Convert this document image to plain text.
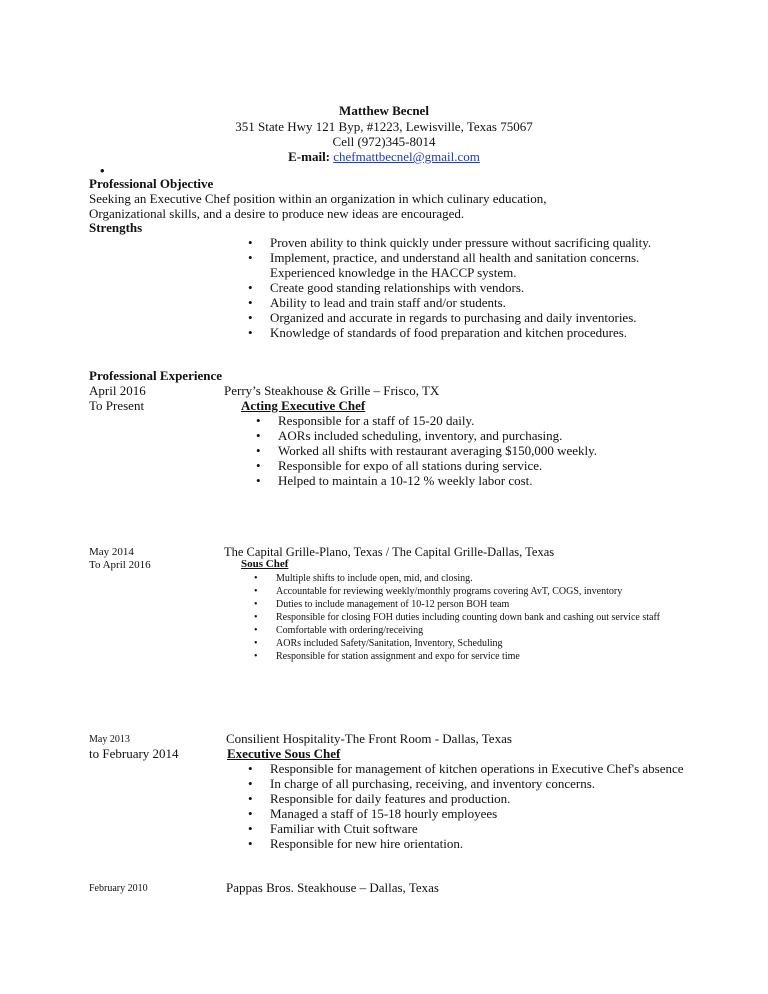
Matthew Becnel
351 State Hwy 121 Byp, #1223, Lewisville, Texas 75067
Cell (972)345-8014
E-mail: chefmattbecnel@gmail.com
•
Professional Objective
Seeking an Executive Chef position within an organization in which culinary education,
Organizational skills, and a desire to produce new ideas are encouraged.
Strengths
• Proven ability to think quickly under pressure without sacrificing quality.
• Implement, practice, and understand all health and sanitation concerns. Experienced knowledge in the HACCP system.
• Create good standing relationships with vendors.
• Ability to lead and train staff and/or students.
• Organized and accurate in regards to purchasing and daily inventories.
• Knowledge of standards of food preparation and kitchen procedures.
Professional Experience
April 2016
To Present
Perry’s Steakhouse & Grille – Frisco, TX
Acting Executive Chef
• Responsible for a staff of 15-20 daily.
• AORs included scheduling, inventory, and purchasing.
• Worked all shifts with restaurant averaging $150,000 weekly.
• Responsible for expo of all stations during service.
• Helped to maintain a 10-12 % weekly labor cost.
May 2014
To April 2016
The Capital Grille-Plano, Texas / The Capital Grille-Dallas, Texas
Sous Chef
• Multiple shifts to include open, mid, and closing.
• Accountable for reviewing weekly/monthly programs covering AvT, COGS, inventory
• Duties to include management of 10-12 person BOH team
• Responsible for closing FOH duties including counting down bank and cashing out service staff
• Comfortable with ordering/receiving
• AORs included Safety/Sanitation, Inventory, Scheduling
• Responsible for station assignment and expo for service time
May 2013
to February 2014
Consilient Hospitality-The Front Room - Dallas, Texas
Executive Sous Chef
• Responsible for management of kitchen operations in Executive Chef's absence
• In charge of all purchasing, receiving, and inventory concerns.
• Responsible for daily features and production.
• Managed a staff of 15-18 hourly employees
• Familiar with Ctuit software
• Responsible for new hire orientation.
February 2010	Pappas Bros. Steakhouse – Dallas, Texas
